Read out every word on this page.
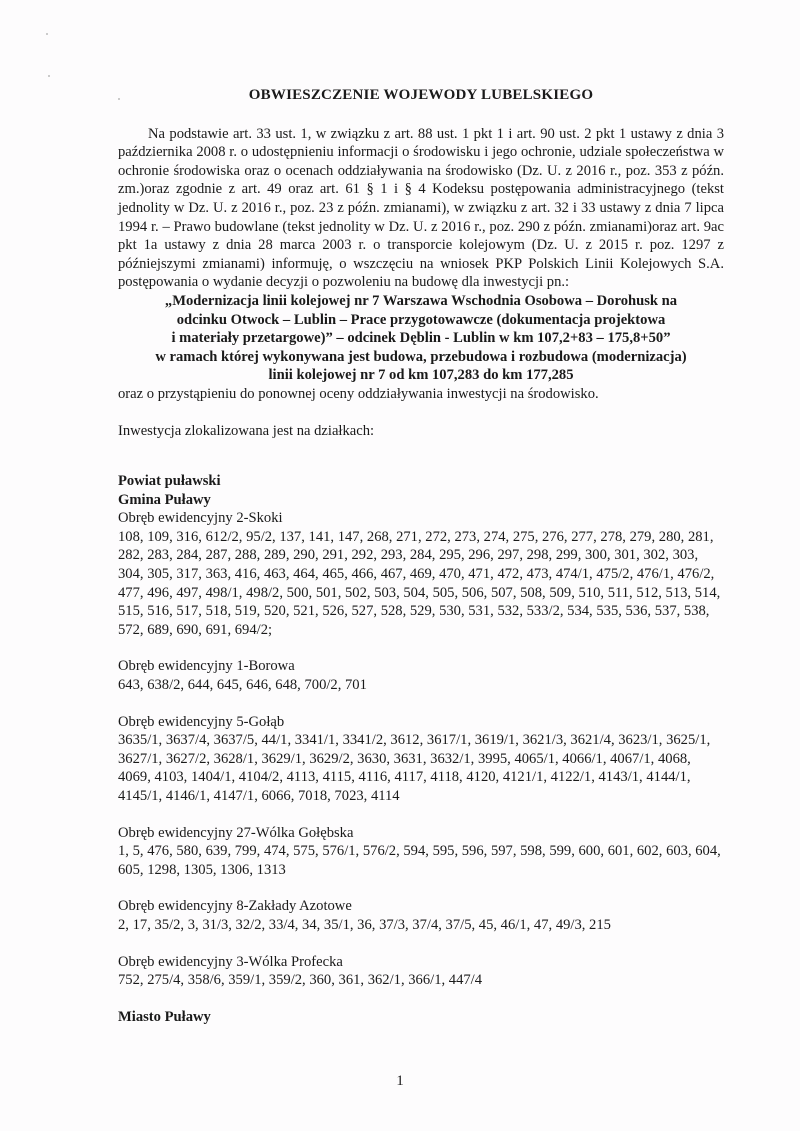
OBWIESZCZENIE WOJEWODY LUBELSKIEGO

Na podstawie art. 33 ust. 1, w związku z art. 88 ust. 1 pkt 1 i art. 90 ust. 2 pkt 1 ustawy z dnia 3 października 2008 r. o udostępnieniu informacji o środowisku i jego ochronie, udziale społeczeństwa w ochronie środowiska oraz o ocenach oddziaływania na środowisko (Dz. U. z 2016 r., poz. 353 z późn. zm.)oraz zgodnie z art. 49 oraz art. 61 § 1 i § 4 Kodeksu postępowania administracyjnego (tekst jednolity w Dz. U. z 2016 r., poz. 23 z późn. zmianami), w związku z art. 32 i 33 ustawy z dnia 7 lipca 1994 r. – Prawo budowlane (tekst jednolity w Dz. U. z 2016 r., poz. 290 z późn. zmianami)oraz art. 9ac pkt 1a ustawy z dnia 28 marca 2003 r. o transporcie kolejowym (Dz. U. z 2015 r. poz. 1297 z późniejszymi zmianami) informuję, o wszczęciu na wniosek PKP Polskich Linii Kolejowych S.A. postępowania o wydanie decyzji o pozwoleniu na budowę dla inwestycji pn.:

„Modernizacja linii kolejowej nr 7 Warszawa Wschodnia Osobowa – Dorohusk na
odcinku Otwock – Lublin – Prace przygotowawcze (dokumentacja projektowa
i materiały przetargowe)” – odcinek Dęblin - Lublin w km 107,2+83 – 175,8+50”
w ramach której wykonywana jest budowa, przebudowa i rozbudowa (modernizacja)
linii kolejowej nr 7 od km 107,283 do km 177,285

oraz o przystąpieniu do ponownej oceny oddziaływania inwestycji na środowisko.

Inwestycja zlokalizowana jest na działkach:

Powiat puławski

Gmina Puławy

Obręb ewidencyjny 2-Skoki
108, 109, 316, 612/2, 95/2, 137, 141, 147, 268, 271, 272, 273, 274, 275, 276, 277, 278, 279, 280, 281, 282, 283, 284, 287, 288, 289, 290, 291, 292, 293, 284, 295, 296, 297, 298, 299, 300, 301, 302, 303, 304, 305, 317, 363, 416, 463, 464, 465, 466, 467, 469, 470, 471, 472, 473, 474/1, 475/2, 476/1, 476/2, 477, 496, 497, 498/1, 498/2, 500, 501, 502, 503, 504, 505, 506, 507, 508, 509, 510, 511, 512, 513, 514, 515, 516, 517, 518, 519, 520, 521, 526, 527, 528, 529, 530, 531, 532, 533/2, 534, 535, 536, 537, 538, 572, 689, 690, 691, 694/2;
Obręb ewidencyjny 1-Borowa
643, 638/2, 644, 645, 646, 648, 700/2, 701
Obręb ewidencyjny 5-Gołąb
3635/1, 3637/4, 3637/5, 44/1, 3341/1, 3341/2, 3612, 3617/1, 3619/1, 3621/3, 3621/4, 3623/1, 3625/1, 3627/1, 3627/2, 3628/1, 3629/1, 3629/2, 3630, 3631, 3632/1, 3995, 4065/1, 4066/1, 4067/1, 4068, 4069, 4103, 1404/1, 4104/2, 4113, 4115, 4116, 4117, 4118, 4120, 4121/1, 4122/1, 4143/1, 4144/1, 4145/1, 4146/1, 4147/1, 6066, 7018, 7023, 4114
Obręb ewidencyjny 27-Wólka Gołębska
1, 5, 476, 580, 639, 799, 474, 575, 576/1, 576/2, 594, 595, 596, 597, 598, 599, 600, 601, 602, 603, 604, 605, 1298, 1305, 1306, 1313
Obręb ewidencyjny 8-Zakłady Azotowe
2, 17, 35/2, 3, 31/3, 32/2, 33/4, 34, 35/1, 36, 37/3, 37/4, 37/5, 45, 46/1, 47, 49/3, 215
Obręb ewidencyjny 3-Wólka Profecka
752, 275/4, 358/6, 359/1, 359/2, 360, 361, 362/1, 366/1, 447/4

Miasto Puławy

1
